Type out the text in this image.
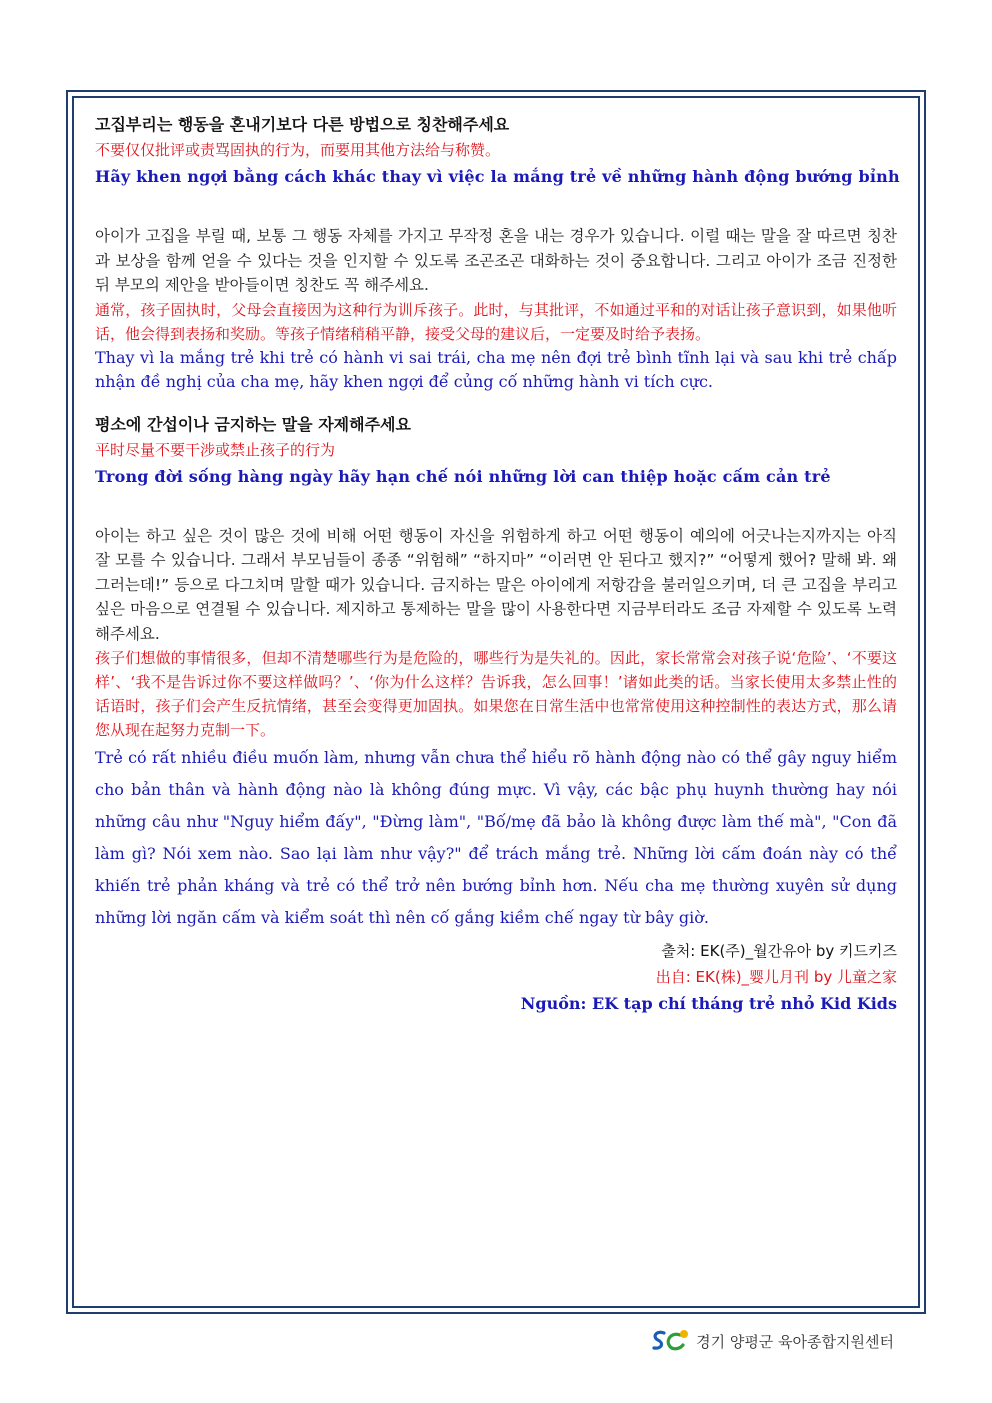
고집부리는 행동을 혼내기보다 다른 방법으로 칭찬해주세요

不要仅仅批评或责骂固执的行为，而要用其他方法给与称赞。

Hãy khen ngợi bằng cách khác thay vì việc la mắng trẻ về những hành động bướng bỉnh

아이가 고집을 부릴 때, 보통 그 행동 자체를 가지고 무작정 혼을 내는 경우가 있습니다. 이럴 때는 말을 잘 따르면 칭찬과 보상을 함께 얻을 수 있다는 것을 인지할 수 있도록 조곤조곤 대화하는 것이 중요합니다. 그리고 아이가 조금 진정한 뒤 부모의 제안을 받아들이면 칭찬도 꼭 해주세요.

通常，孩子固执时，父母会直接因为这种行为训斥孩子。此时，与其批评，不如通过平和的对话让孩子意识到，如果他听话，他会得到表扬和奖励。等孩子情绪稍稍平静，接受父母的建议后，一定要及时给予表扬。

Thay vì la mắng trẻ khi trẻ có hành vi sai trái, cha mẹ nên đợi trẻ bình tĩnh lại và sau khi trẻ chấp nhận đề nghị của cha mẹ, hãy khen ngợi để củng cố những hành vi tích cực.

평소에 간섭이나 금지하는 말을 자제해주세요

平时尽量不要干涉或禁止孩子的行为

Trong đời sống hàng ngày hãy hạn chế nói những lời can thiệp hoặc cấm cản trẻ

아이는 하고 싶은 것이 많은 것에 비해 어떤 행동이 자신을 위험하게 하고 어떤 행동이 예의에 어긋나는지까지는 아직 잘 모를 수 있습니다. 그래서 부모님들이 종종 “위험해” “하지마” “이러면 안 된다고 했지?” “어떻게 했어? 말해 봐. 왜 그러는데!” 등으로 다그치며 말할 때가 있습니다. 금지하는 말은 아이에게 저항감을 불러일으키며, 더 큰 고집을 부리고 싶은 마음으로 연결될 수 있습니다. 제지하고 통제하는 말을 많이 사용한다면 지금부터라도 조금 자제할 수 있도록 노력해주세요.

孩子们想做的事情很多，但却不清楚哪些行为是危险的，哪些行为是失礼的。因此，家长常常会对孩子说‘危险’、‘不要这样’、‘我不是告诉过你不要这样做吗？’、‘你为什么这样？告诉我，怎么回事！’诸如此类的话。当家长使用太多禁止性的话语时，孩子们会产生反抗情绪，甚至会变得更加固执。如果您在日常生活中也常常使用这种控制性的表达方式，那么请您从现在起努力克制一下。

Trẻ có rất nhiều điều muốn làm, nhưng vẫn chưa thể hiểu rõ hành động nào có thể gây nguy hiểm cho bản thân và hành động nào là không đúng mực. Vì vậy, các bậc phụ huynh thường hay nói những câu như "Nguy hiểm đấy", "Đừng làm", "Bố/mẹ đã bảo là không được làm thế mà", "Con đã làm gì? Nói xem nào. Sao lại làm như vậy?" để trách mắng trẻ. Những lời cấm đoán này có thể khiến trẻ phản kháng và trẻ có thể trở nên bướng bỉnh hơn. Nếu cha mẹ thường xuyên sử dụng những lời ngăn cấm và kiểm soát thì nên cố gắng kiềm chế ngay từ bây giờ.

출처: EK(주)_월간유아 by 키드키즈
出自: EK(株)_婴儿月刊 by 儿童之家
Nguồn: EK tạp chí tháng trẻ nhỏ Kid Kids
경기 양평군 육아종합지원센터
